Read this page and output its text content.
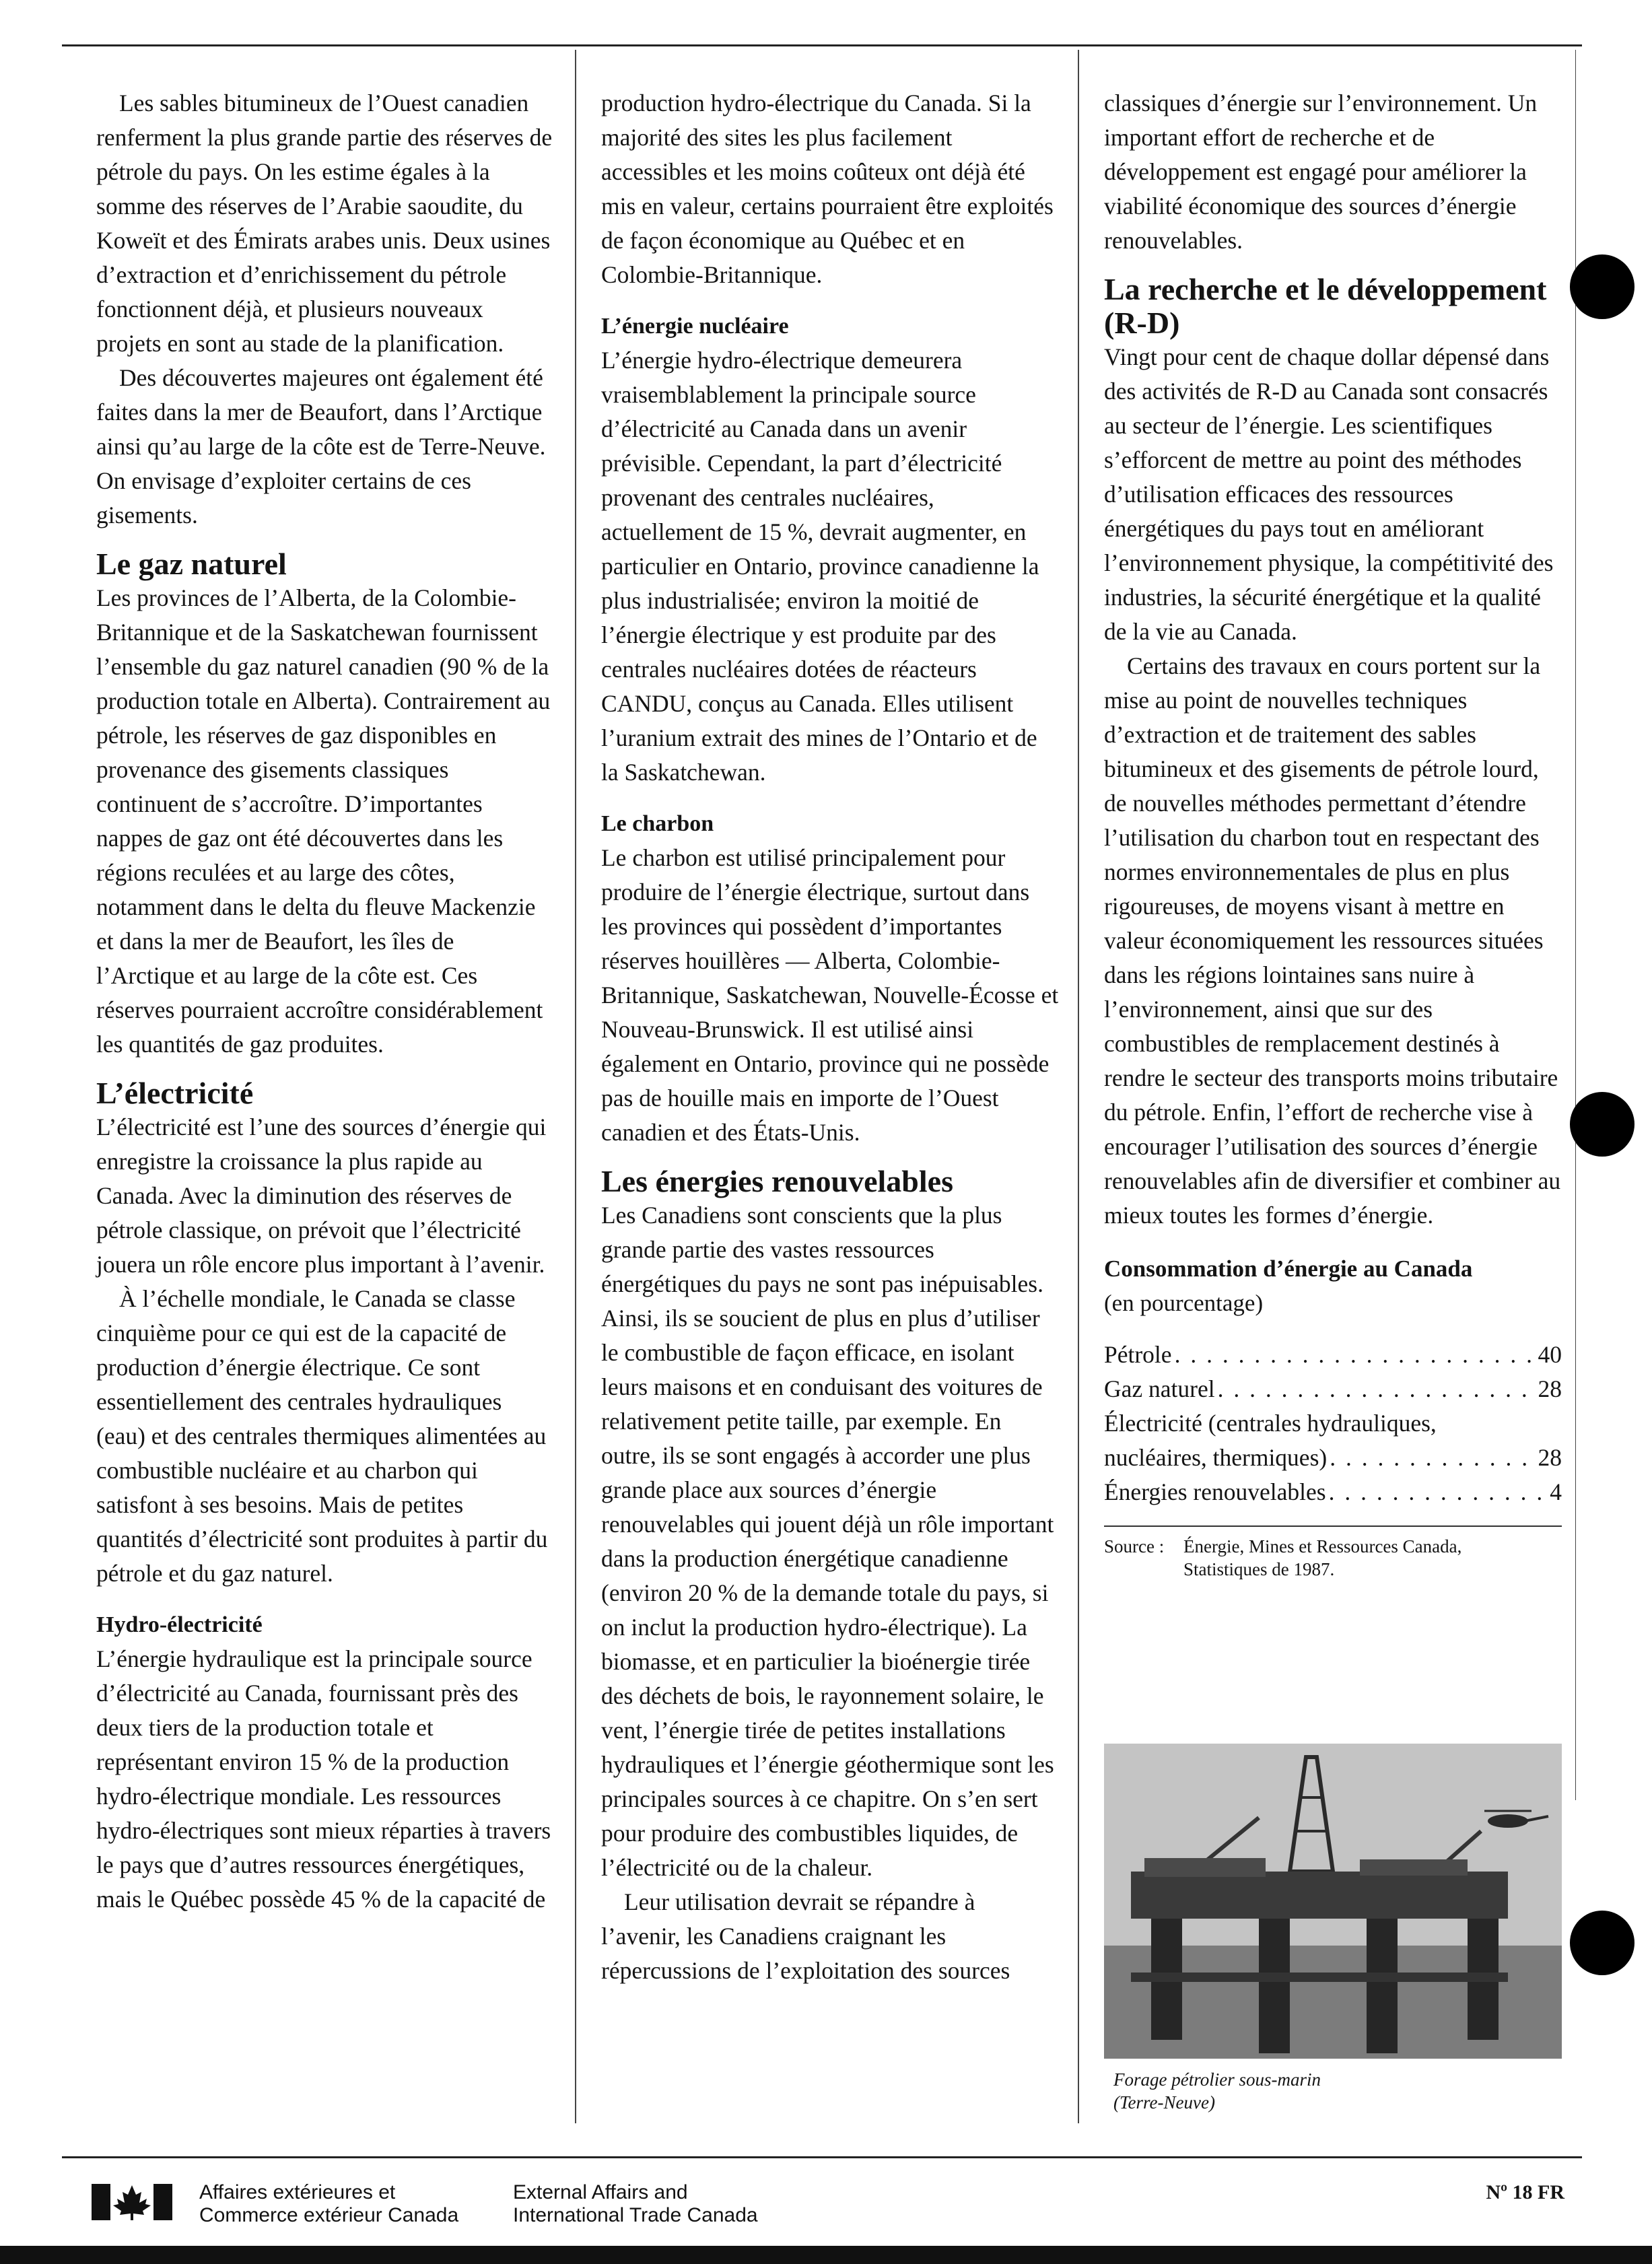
Les sables bitumineux de l’Ouest canadien renferment la plus grande partie des réserves de pétrole du pays. On les estime égales à la somme des réserves de l’Arabie saoudite, du Koweït et des Émirats arabes unis. Deux usines d’extraction et d’enrichissement du pétrole fonctionnent déjà, et plusieurs nouveaux projets en sont au stade de la planification.

Des découvertes majeures ont également été faites dans la mer de Beaufort, dans l’Arctique ainsi qu’au large de la côte est de Terre-Neuve. On envisage d’exploiter certains de ces gisements.

Le gaz naturel

Les provinces de l’Alberta, de la Colombie-Britannique et de la Saskatchewan fournissent l’ensemble du gaz naturel canadien (90 % de la production totale en Alberta). Contrairement au pétrole, les réserves de gaz disponibles en provenance des gisements classiques continuent de s’accroître. D’importantes nappes de gaz ont été découvertes dans les régions reculées et au large des côtes, notamment dans le delta du fleuve Mackenzie et dans la mer de Beaufort, les îles de l’Arctique et au large de la côte est. Ces réserves pourraient accroître considérablement les quantités de gaz produites.

L’électricité

L’électricité est l’une des sources d’énergie qui enregistre la croissance la plus rapide au Canada. Avec la diminution des réserves de pétrole classique, on prévoit que l’électricité jouera un rôle encore plus important à l’avenir.

À l’échelle mondiale, le Canada se classe cinquième pour ce qui est de la capacité de production d’énergie électrique. Ce sont essentiellement des centrales hydrauliques (eau) et des centrales thermiques alimentées au combustible nucléaire et au charbon qui satisfont à ses besoins. Mais de petites quantités d’électricité sont produites à partir du pétrole et du gaz naturel.

Hydro-électricité

L’énergie hydraulique est la principale source d’électricité au Canada, fournissant près des deux tiers de la production totale et représentant environ 15 % de la production hydro-électrique mondiale. Les ressources hydro-électriques sont mieux réparties à travers le pays que d’autres ressources énergétiques, mais le Québec possède 45 % de la capacité de

production hydro-électrique du Canada. Si la majorité des sites les plus facilement accessibles et les moins coûteux ont déjà été mis en valeur, certains pourraient être exploités de façon économique au Québec et en Colombie-Britannique.

L’énergie nucléaire

L’énergie hydro-électrique demeurera vraisemblablement la principale source d’électricité au Canada dans un avenir prévisible. Cependant, la part d’électricité provenant des centrales nucléaires, actuellement de 15 %, devrait augmenter, en particulier en Ontario, province canadienne la plus industrialisée; environ la moitié de l’énergie électrique y est produite par des centrales nucléaires dotées de réacteurs CANDU, conçus au Canada. Elles utilisent l’uranium extrait des mines de l’Ontario et de la Saskatchewan.

Le charbon

Le charbon est utilisé principalement pour produire de l’énergie électrique, surtout dans les provinces qui possèdent d’importantes réserves houillères — Alberta, Colombie-Britannique, Saskatchewan, Nouvelle-Écosse et Nouveau-Brunswick. Il est utilisé ainsi également en Ontario, province qui ne possède pas de houille mais en importe de l’Ouest canadien et des États-Unis.

Les énergies renouvelables

Les Canadiens sont conscients que la plus grande partie des vastes ressources énergétiques du pays ne sont pas inépuisables. Ainsi, ils se soucient de plus en plus d’utiliser le combustible de façon efficace, en isolant leurs maisons et en conduisant des voitures de relativement petite taille, par exemple. En outre, ils se sont engagés à accorder une plus grande place aux sources d’énergie renouvelables qui jouent déjà un rôle important dans la production énergétique canadienne (environ 20 % de la demande totale du pays, si on inclut la production hydro-électrique). La biomasse, et en particulier la bioénergie tirée des déchets de bois, le rayonnement solaire, le vent, l’énergie tirée de petites installations hydrauliques et l’énergie géothermique sont les principales sources à ce chapitre. On s’en sert pour produire des combustibles liquides, de l’électricité ou de la chaleur.

Leur utilisation devrait se répandre à l’avenir, les Canadiens craignant les répercussions de l’exploitation des sources

classiques d’énergie sur l’environnement. Un important effort de recherche et de développement est engagé pour améliorer la viabilité économique des sources d’énergie renouvelables.

La recherche et le développement (R-D)

Vingt pour cent de chaque dollar dépensé dans des activités de R-D au Canada sont consacrés au secteur de l’énergie. Les scientifiques s’efforcent de mettre au point des méthodes d’utilisation efficaces des ressources énergétiques du pays tout en améliorant l’environnement physique, la compétitivité des industries, la sécurité énergétique et la qualité de la vie au Canada.

Certains des travaux en cours portent sur la mise au point de nouvelles techniques d’extraction et de traitement des sables bitumineux et des gisements de pétrole lourd, de nouvelles méthodes permettant d’étendre l’utilisation du charbon tout en respectant des normes environnementales de plus en plus rigoureuses, de moyens visant à mettre en valeur économiquement les ressources situées dans les régions lointaines sans nuire à l’environnement, ainsi que sur des combustibles de remplacement destinés à rendre le secteur des transports moins tributaire du pétrole. Enfin, l’effort de recherche vise à encourager l’utilisation des sources d’énergie renouvelables afin de diversifier et combiner au mieux toutes les formes d’énergie.

Consommation d’énergie au Canada
(en pourcentage)
Pétrole . . .	40
Gaz naturel . . .	28
Électricité (centrales hydrauliques,
nucléaires, thermiques) . . .	28
Énergies renouvelables . . .	4
Source :	Énergie, Mines et Ressources Canada,
Statistiques de 1987.
Forage pétrolier sous-marin
(Terre-Neuve)
Affaires extérieures et
Commerce extérieur Canada
External Affairs and
International Trade Canada
Nº 18 FR
